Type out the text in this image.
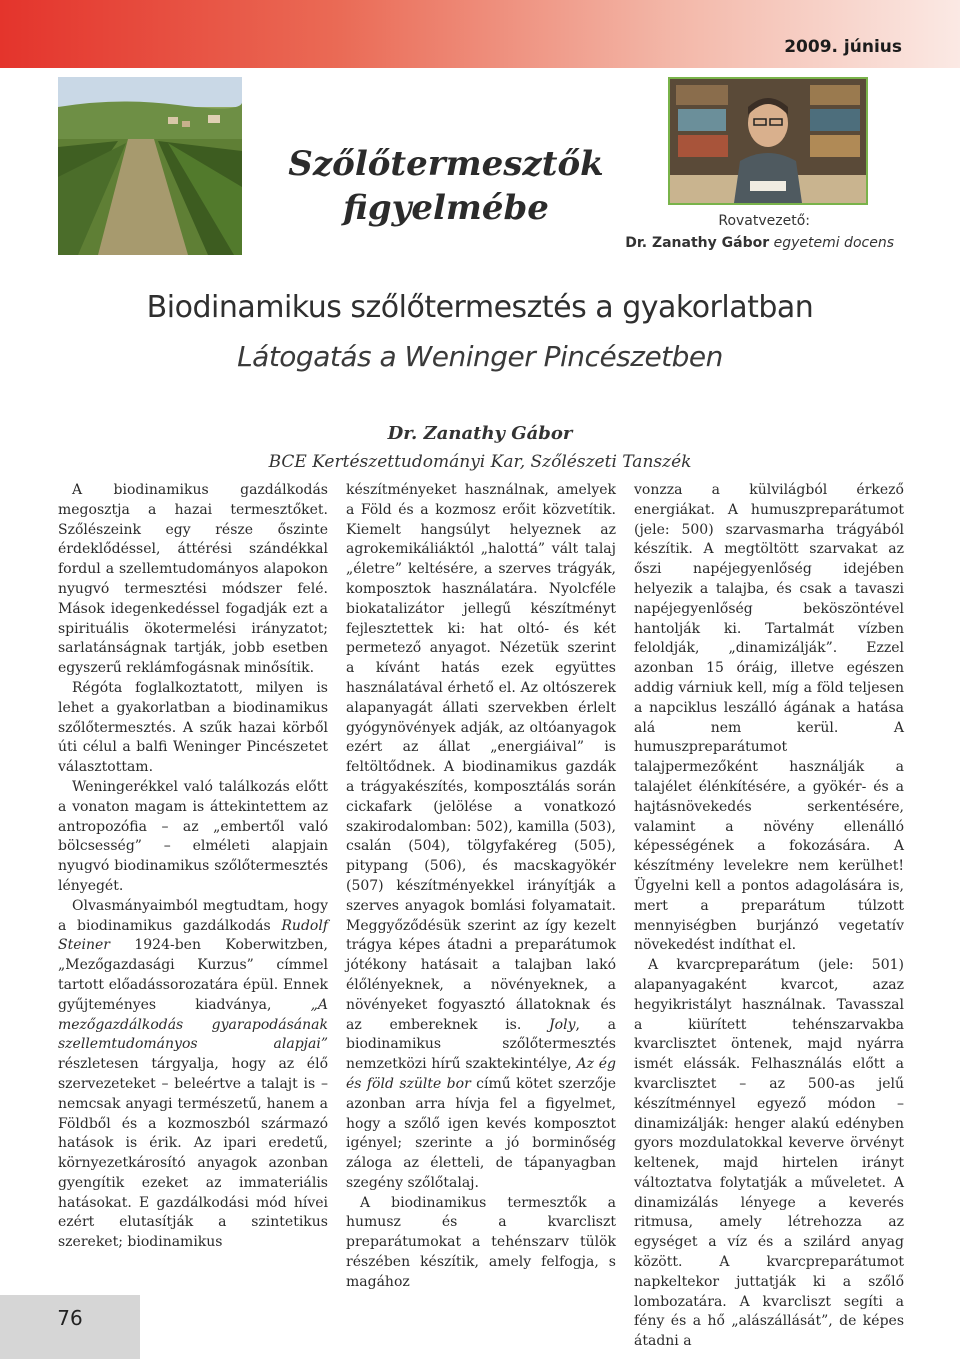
2009. június
Szőlőtermesztők
figyelmébe	Rovatvezető:
Dr. Zanathy Gábor egyetemi docens
Biodinamikus szőlőtermesztés a gyakorlatban
Látogatás a Weninger Pincészetben
Dr. Zanathy Gábor
BCE Kertészettudományi Kar, Szőlészeti Tanszék

A biodinamikus gazdálkodás megosztja a hazai termesztőket. Szőlészeink egy része őszinte érdeklődéssel, áttérési szándékkal fordul a szellemtudományos alapokon nyugvó termesztési módszer felé. Mások idegenkedéssel fogadják ezt a spirituális ökotermelési irányzatot; sarlatánságnak tartják, jobb esetben egyszerű reklámfogásnak minősítik.

Régóta foglalkoztatott, milyen is lehet a gyakorlatban a biodinamikus szőlőtermesztés. A szűk hazai körből úti célul a balfi Weninger Pincészetet választottam.

Weningerékkel való találkozás előtt a vonaton magam is áttekintettem az antropozófia – az „embertől való bölcsesség” – elméleti alapjain nyugvó biodinamikus szőlőtermesztés lényegét.

Olvasmányaimból megtudtam, hogy a biodinamikus gazdálkodás Rudolf Steiner 1924-ben Koberwitzben, „Mezőgazdasági Kurzus” címmel tartott előadássorozatára épül. Ennek gyűjteményes kiadványa, „A mezőgazdálkodás gyarapodásának szellemtudományos alapjai” részletesen tárgyalja, hogy az élő szervezeteket – beleértve a talajt is – nemcsak anyagi természetű, hanem a Földből és a kozmoszból származó hatások is érik. Az ipari eredetű, környezetkárosító anyagok azonban gyengítik ezeket az immateriális hatásokat. E gazdálkodási mód hívei ezért elutasítják a szintetikus szereket; biodinamikus

készítményeket használnak, amelyek a Föld és a kozmosz erőit közvetítik. Kiemelt hangsúlyt helyeznek az agrokemikáliáktól „halottá” vált talaj „életre” keltésére, a szerves trágyák, komposztok használatára. Nyolcféle biokatalizátor jellegű készítményt fejlesztettek ki: hat oltó- és két permetező anyagot. Nézetük szerint a kívánt hatás ezek együttes használatával érhető el. Az oltószerek alapanyagát állati szervekben érlelt gyógynövények adják, az oltóanyagok ezért az állat „energiáival” is feltöltődnek. A biodinamikus gazdák a trágyakészítés, komposztálás során cickafark (jelölése a vonatkozó szakirodalomban: 502), kamilla (503), csalán (504), tölgyfakéreg (505), pitypang (506), és macskagyökér (507) készítményekkel irányítják a szerves anyagok bomlási folyamatait. Meggyőződésük szerint az így kezelt trágya képes átadni a preparátumok jótékony hatásait a talajban lakó élőlényeknek, a növényeknek, a növényeket fogyasztó állatoknak és az embereknek is. Joly, a biodinamikus szőlőtermesztés nemzetközi hírű szaktekintélye, Az ég és föld szülte bor című kötet szerzője azonban arra hívja fel a figyelmet, hogy a szőlő igen kevés komposztot igényel; szerinte a jó borminőség záloga az életteli, de tápanyagban szegény szőlőtalaj.

A biodinamikus termesztők a humusz és a kvarcliszt preparátumokat a tehénszarv tülök részében készítik, amely felfogja, s magához

vonzza a külvilágból érkező energiákat. A humuszpreparátumot (jele: 500) szarvasmarha trágyából készítik. A megtöltött szarvakat az őszi napéjegyenlőség idejében helyezik a talajba, és csak a tavaszi napéjegyenlőség beköszöntével hantolják ki. Tartalmát vízben feloldják, „dinamizálják”. Ezzel azonban 15 óráig, illetve egészen addig várniuk kell, míg a föld teljesen a napciklus leszálló ágának a hatása alá nem kerül. A humuszpreparátumot talajpermezőként használják a talajélet élénkítésére, a gyökér- és a hajtásnövekedés serkentésére, valamint a növény ellenálló képességének a fokozására. A készítmény levelekre nem kerülhet! Ügyelni kell a pontos adagolására is, mert a preparátum túlzott mennyiségben burjánzó vegetatív növekedést indíthat el.

A kvarcpreparátum (jele: 501) alapanyagaként kvarcot, azaz hegyikristályt használnak. Tavasszal a kiürített tehénszarvakba kvarclisztet öntenek, majd nyárra ismét elássák. Felhasználás előtt a kvarclisztet – az 500-as jelű készítménnyel egyező módon – dinamizálják: henger alakú edényben gyors mozdulatokkal keverve örvényt keltenek, majd hirtelen irányt változtatva folytatják a műveletet. A dinamizálás lényege a keverés ritmusa, amely létrehozza az egységet a víz és a szilárd anyag között. A kvarcpreparátumot napkeltekor juttatják ki a szőlő lombozatára. A kvarcliszt segíti a fény és a hő „alászállását”, de képes átadni a

76
